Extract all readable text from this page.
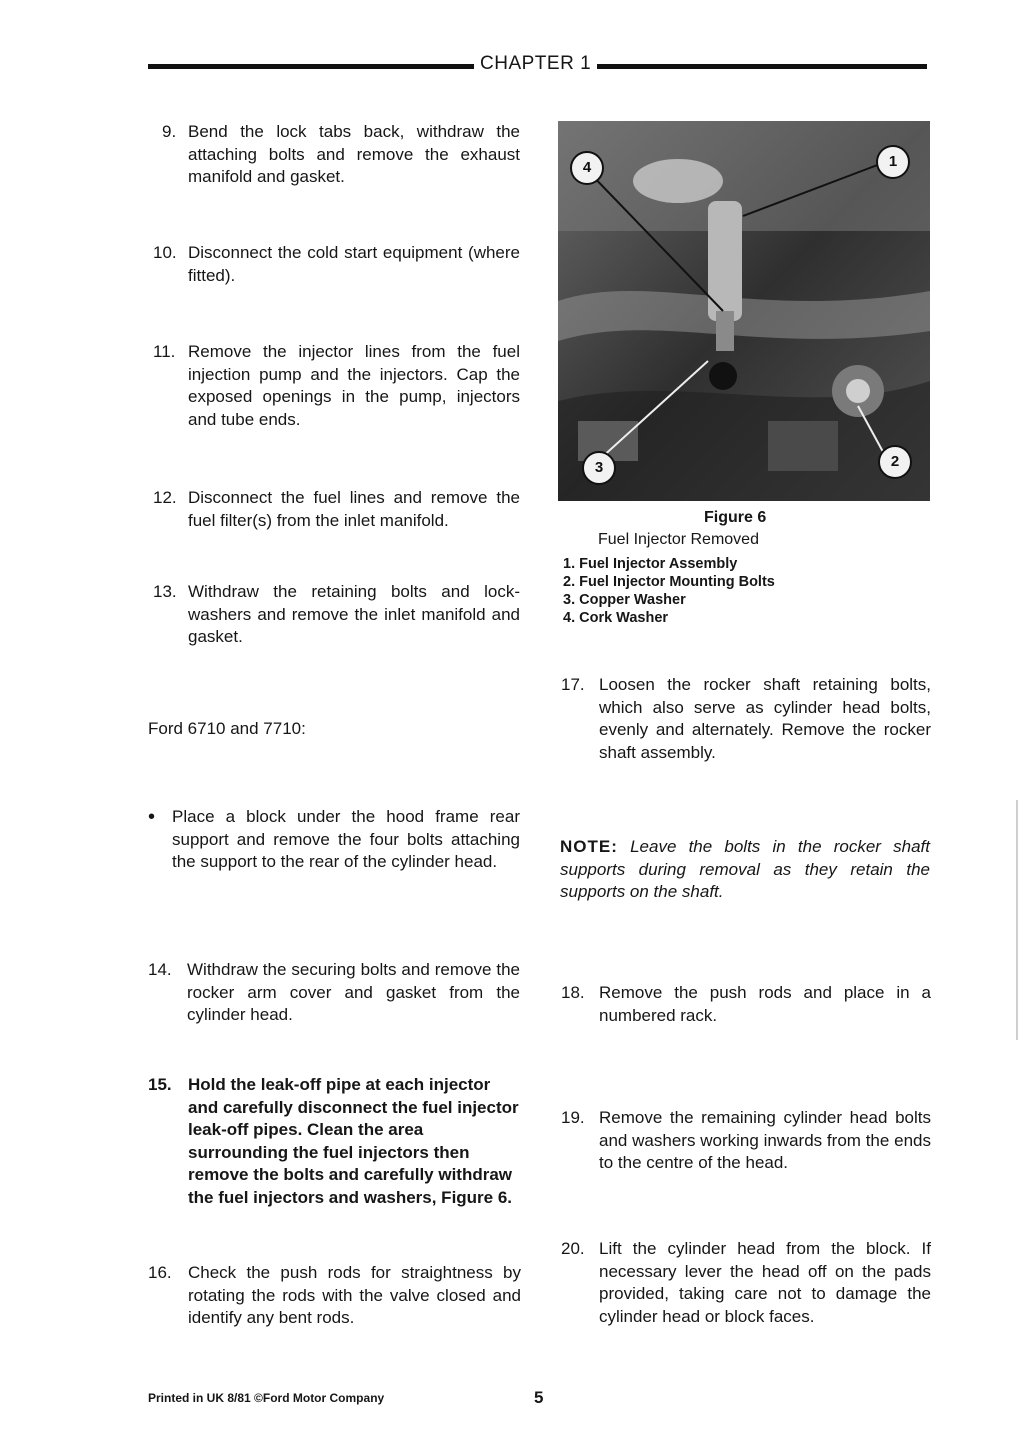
CHAPTER 1
9. Bend the lock tabs back, withdraw the attaching bolts and remove the exhaust manifold and gasket.
10. Disconnect the cold start equipment (where fitted).
11. Remove the injector lines from the fuel injection pump and the injectors. Cap the exposed openings in the pump, injectors and tube ends.
12. Disconnect the fuel lines and remove the fuel filter(s) from the inlet manifold.
13. Withdraw the retaining bolts and lock-washers and remove the inlet manifold and gasket.
Ford 6710 and 7710:
• Place a block under the hood frame rear support and remove the four bolts attaching the support to the rear of the cylinder head.
14. Withdraw the securing bolts and remove the rocker arm cover and gasket from the cylinder head.
15. Hold the leak-off pipe at each injector and carefully disconnect the fuel injector leak-off pipes. Clean the area surrounding the fuel injectors then remove the bolts and carefully withdraw the fuel injectors and washers, Figure 6.
16. Check the push rods for straightness by rotating the rods with the valve closed and identify any bent rods.
4	1
3	2
Figure 6
Fuel Injector Removed
1. Fuel Injector Assembly
2. Fuel Injector Mounting Bolts
3. Copper Washer
4. Cork Washer
17. Loosen the rocker shaft retaining bolts, which also serve as cylinder head bolts, evenly and alternately. Remove the rocker shaft assembly.
NOTE: Leave the bolts in the rocker shaft supports during removal as they retain the supports on the shaft.
18. Remove the push rods and place in a numbered rack.
19. Remove the remaining cylinder head bolts and washers working inwards from the ends to the centre of the head.
20. Lift the cylinder head from the block. If necessary lever the head off on the pads provided, taking care not to damage the cylinder head or block faces.
Printed in UK 8/81 ©Ford Motor Company	5
